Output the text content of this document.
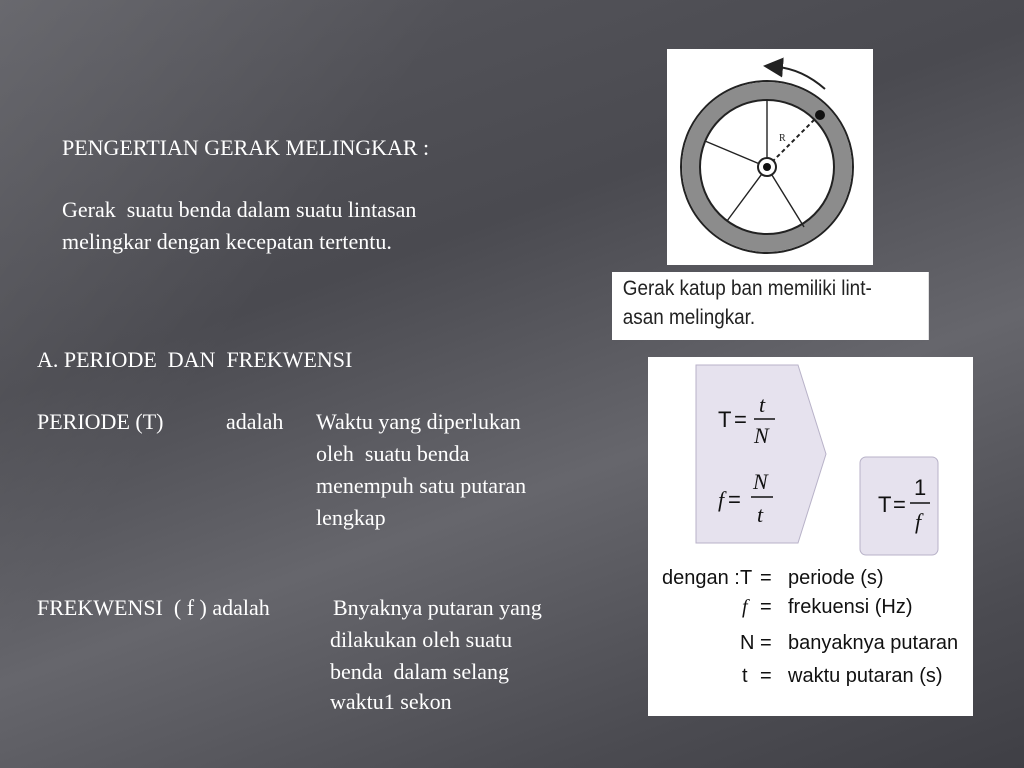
PENGERTIAN GERAK MELINGKAR :
Gerak  suatu benda dalam suatu lintasan
melingkar dengan kecepatan tertentu.
A. PERIODE  DAN  FREKWENSI
PERIODE (T)	adalah Waktu yang diperlukan
oleh  suatu benda
menempuh satu putaran
lengkap
FREKWENSI  ( f ) adalah	Bnyaknya putaran yang
dilakukan oleh suatu
benda  dalam selang
waktu1 sekon
R
Gerak katup ban memiliki lint-
asan melingkar.
T =
t
N
f =
N
t	T =
1
f
dengan : T = periode (s)
f = frekuensi (Hz)
N = banyaknya putaran
t = waktu putaran (s)
